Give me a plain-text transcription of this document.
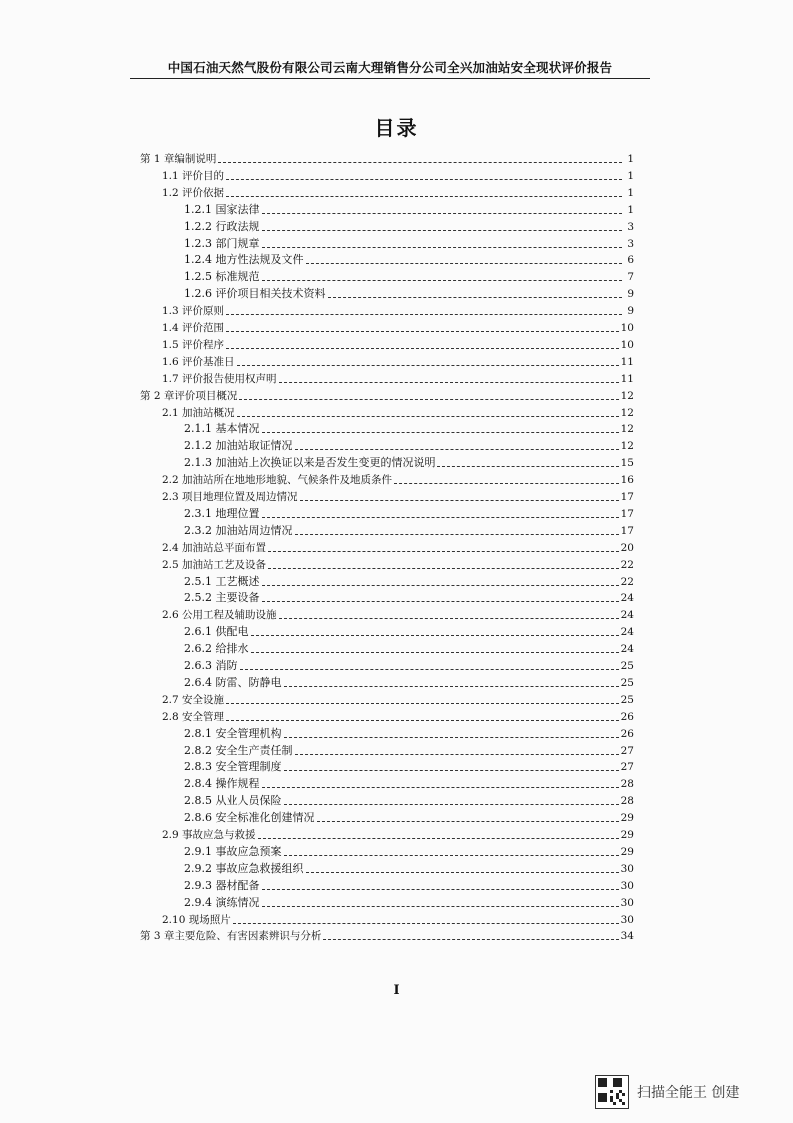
中国石油天然气股份有限公司云南大理销售分公司全兴加油站安全现状评价报告
目录
第 1 章编制说明	1
1.1 评价目的	1
1.2 评价依据	1
1.2.1 国家法律	1
1.2.2 行政法规	3
1.2.3 部门规章	3
1.2.4 地方性法规及文件	6
1.2.5 标准规范	7
1.2.6 评价项目相关技术资料	9
1.3 评价原则	9
1.4 评价范围	10
1.5 评价程序	10
1.6 评价基准日	11
1.7 评价报告使用权声明	11
第 2 章评价项目概况	12
2.1 加油站概况	12
2.1.1 基本情况	12
2.1.2 加油站取证情况	12
2.1.3 加油站上次换证以来是否发生变更的情况说明	15
2.2 加油站所在地地形地貌、气候条件及地质条件	16
2.3 项目地理位置及周边情况	17
2.3.1 地理位置	17
2.3.2 加油站周边情况	17
2.4 加油站总平面布置	20
2.5 加油站工艺及设备	22
2.5.1 工艺概述	22
2.5.2 主要设备	24
2.6 公用工程及辅助设施	24
2.6.1 供配电	24
2.6.2 给排水	24
2.6.3 消防	25
2.6.4 防雷、防静电	25
2.7 安全设施	25
2.8 安全管理	26
2.8.1 安全管理机构	26
2.8.2 安全生产责任制	27
2.8.3 安全管理制度	27
2.8.4 操作规程	28
2.8.5 从业人员保险	28
2.8.6 安全标准化创建情况	29
2.9 事故应急与救援	29
2.9.1 事故应急预案	29
2.9.2 事故应急救援组织	30
2.9.3 器材配备	30
2.9.4 演练情况	30
2.10 现场照片	30
第 3 章主要危险、有害因素辨识与分析	34
I
扫描全能王 创建
